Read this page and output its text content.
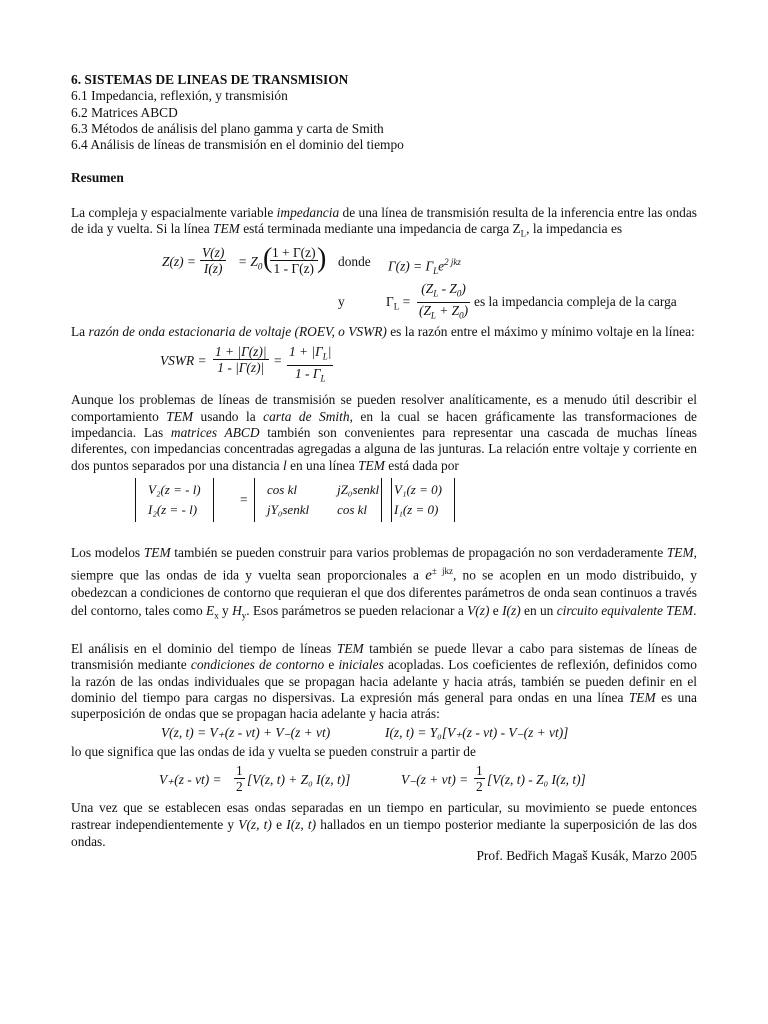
6. SISTEMAS DE LINEAS DE TRANSMISION
6.1 Impedancia, reflexión, y transmisión
6.2 Matrices ABCD
6.3 Métodos de análisis del plano gamma y carta de Smith
6.4 Análisis de líneas de transmisión en el dominio del tiempo
Resumen

La compleja y espacialmente variable impedancia de una línea de transmisión resulta de la inferencia entre las ondas de ida y vuelta. Si la línea TEM está terminada mediante una impedancia de carga $Z_L$, la impedancia es

$Z(z) = \frac{V(z)}{I(z)} = Z_0$ (
$\frac{1 + \Gamma(z)}{1 - \Gamma(z)}$ ) donde $\Gamma(z) = \Gamma_Le^{2 jkz}$
y	$\Gamma_L = \frac{(Z_L - Z_0)}{(Z_L + Z_0)}$ es la impedancia compleja de la carga

La razón de onda estacionaria de voltaje (ROEV, o VSWR) es la razón entre el máximo y mínimo voltaje en la línea:

VSWR = $\frac{1 + |\Gamma(z)|}{1 - |\Gamma(z)|} = \frac{1 + |\Gamma_L|}{1 - \Gamma_L}$

Aunque los problemas de líneas de transmisión se pueden resolver analíticamente, es a menudo útil describir el comportamiento TEM usando la carta de Smith, en la cual se hacen gráficamente las transformaciones de impedancia. Las matrices ABCD también son convenientes para representar una cascada de muchas líneas diferentes, con impedancias concentradas agregadas a alguna de las junturas. La relación entre voltaje y corriente en dos puntos separados por una distancia l en una línea TEM está dada por

V₂(z = - l)
I₂(z = - l)
=
cos kl	jZ₀senkl
jY₀senkl	cos kl
V₁(z = 0)
I₁(z = 0)

Los modelos TEM también se pueden construir para varios problemas de propagación no son verdaderamente TEM, siempre que las ondas de ida y vuelta sean proporcionales a $e^{\pm jkz}$, no se acoplen en un modo distribuido, y obedezcan a condiciones de contorno que requieran el que dos diferentes parámetros de onda sean continuos a través del contorno, tales como $E_x$ y $H_y$. Esos parámetros se pueden relacionar a V(z) e I(z) en un circuito equivalente TEM.

El análisis en el dominio del tiempo de líneas TEM también se puede llevar a cabo para sistemas de líneas de transmisión mediante condiciones de contorno e iniciales acopladas. Los coeficientes de reflexión, definidos como la razón de las ondas individuales que se propagan hacia adelante y hacia atrás, también se pueden definir en el dominio del tiempo para cargas no dispersivas. La expresión más general para ondas en una línea TEM es una superposición de ondas que se propagan hacia adelante y hacia atrás:

V(z, t) = V₊(z - vt) + V₋(z + vt)	I(z, t) = Y₀[V₊(z - vt) - V₋(z + vt)]
lo que significa que las ondas de ida y vuelta se pueden construir a partir de
$V_+(z - vt) = \frac{1}{2} [V(z$, t) + Z₀ I(z, t)]	$V_-(z + vt) = \frac{1}{2} [V(z$, t) - Z₀ I(z, t)]

Una vez que se establecen esas ondas separadas en un tiempo en particular, su movimiento se puede entonces rastrear independientemente y V(z, t) e I(z, t) hallados en un tiempo posterior mediante la superposición de las dos ondas.

Prof. Bedřich Magaš Kusák, Marzo 2005
